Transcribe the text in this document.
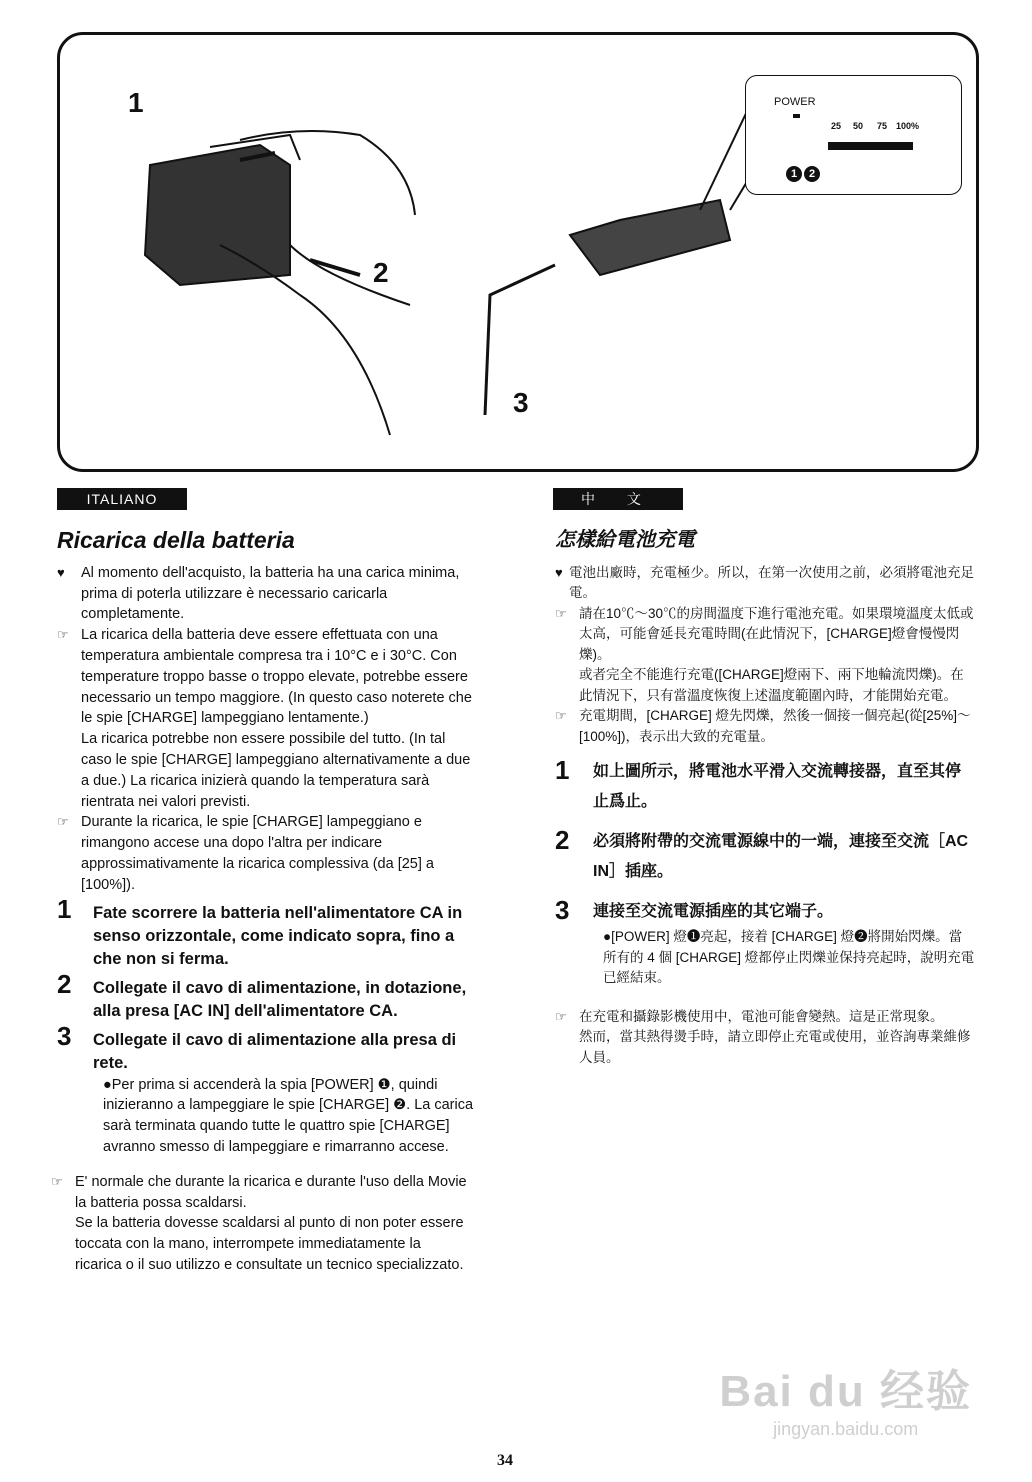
1
2
3
POWER
25 50 75 100%
1	2
ITALIANO	中 文
Ricarica della batteria
♥ Al momento dell'acquisto, la batteria ha una carica minima, prima di poterla utilizzare è necessario caricarla completamente.
☞ La ricarica della batteria deve essere effettuata con una temperatura ambientale compresa tra i 10°C e i 30°C. Con temperature troppo basse o troppo elevate, potrebbe essere necessario un tempo maggiore. (In questo caso noterete che le spie [CHARGE] lampeggiano lentamente.)
La ricarica potrebbe non essere possibile del tutto. (In tal caso le spie [CHARGE] lampeggiano alternativamente a due a due.) La ricarica inizierà quando la temperatura sarà rientrata nei valori previsti.
☞ Durante la ricarica, le spie [CHARGE] lampeggiano e rimangono accese una dopo l'altra per indicare approssimativamente la ricarica complessiva (da [25] a [100%]).
1 Fate scorrere la batteria nell'alimentatore CA in senso orizzontale, come indicato sopra, fino a che non si ferma.
2 Collegate il cavo di alimentazione, in dotazione, alla presa [AC IN] dell'alimentatore CA.
3 Collegate il cavo di alimentazione alla presa di rete.
●Per prima si accenderà la spia [POWER] ❶, quindi inizieranno a lampeggiare le spie [CHARGE] ❷. La carica sarà terminata quando tutte le quattro spie [CHARGE] avranno smesso di lampeggiare e rimarranno accese.
☞ E' normale che durante la ricarica e durante l'uso della Movie la batteria possa scaldarsi.
Se la batteria dovesse scaldarsi al punto di non poter essere toccata con la mano, interrompete immediatamente la ricarica o il suo utilizzo e consultate un tecnico specializzato.
怎樣給電池充電
♥ 電池出廠時，充電極少。所以，在第一次使用之前，必須將電池充足電。
☞ 請在10℃～30℃的房間溫度下進行電池充電。如果環境溫度太低或太高，可能會延長充電時間(在此情況下，[CHARGE]燈會慢慢閃爍)。
或者完全不能進行充電([CHARGE]燈兩下、兩下地輪流閃爍)。在此情況下，只有當溫度恢復上述溫度範圍內時，才能開始充電。
☞ 充電期間，[CHARGE] 燈先閃爍，然後一個接一個亮起(從[25%]～[100%])，表示出大致的充電量。
1 如上圖所示，將電池水平滑入交流轉接器，直至其停止爲止。
2 必須將附帶的交流電源線中的一端，連接至交流［AC IN］插座。
3 連接至交流電源插座的其它端子。
●[POWER] 燈❶亮起，接着 [CHARGE] 燈❷將開始閃爍。當所有的 4 個 [CHARGE] 燈都停止閃爍並保持亮起時，說明充電已經結束。
☞ 在充電和攝錄影機使用中，電池可能會變熱。這是正常現象。
然而，當其熱得燙手時，請立即停止充電或使用，並咨詢專業維修人員。
34
Bai du 经验
jingyan.baidu.com
